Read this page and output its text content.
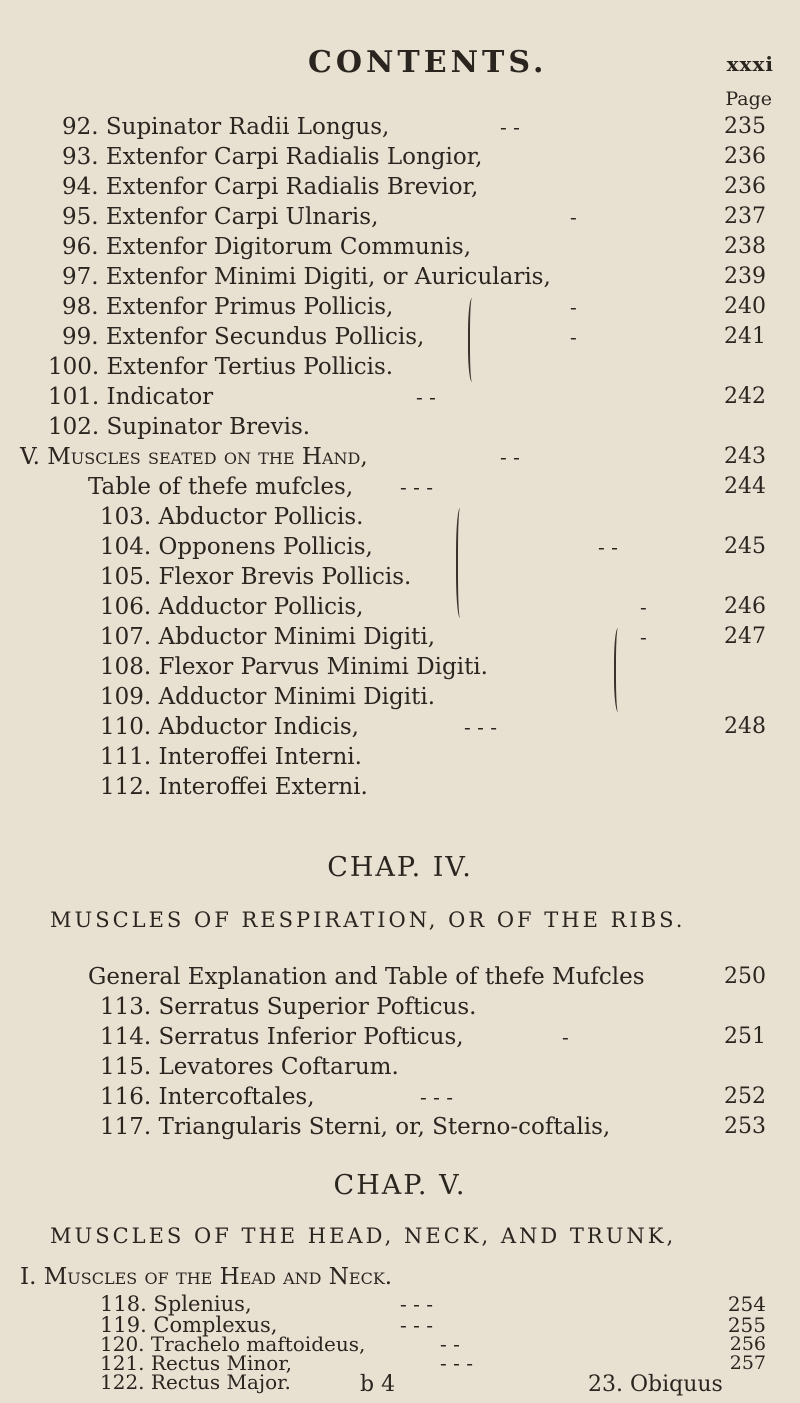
CONTENTS.	xxxi
Page
92. Supinator Radii Longus,	- -	235
93. Extenfor Carpi Radialis Longior,	236
94. Extenfor Carpi Radialis Brevior,	236
95. Extenfor Carpi Ulnaris,	-	237
96. Extenfor Digitorum Communis,	238
97. Extenfor Minimi Digiti, or Auricularis,	239
98. Extenfor Primus Pollicis,	-	240
99. Extenfor Secundus Pollicis,	-	241
100. Extenfor Tertius Pollicis.
101. Indicator	- -	242
102. Supinator Brevis.
V. Muscles seated on the Hand,	- -	243
Table of thefe mufcles, - - -	244
103. Abductor Pollicis.
104. Opponens Pollicis,	- -	245
105. Flexor Brevis Pollicis.
106. Adductor Pollicis,	-	246
107. Abductor Minimi Digiti,	-	247
108. Flexor Parvus Minimi Digiti.
109. Adductor Minimi Digiti.
110. Abductor Indicis,	- - -	248
111. Interoffei Interni.
112. Interoffei Externi.
CHAP. IV.
MUSCLES OF RESPIRATION, OR OF THE RIBS.
General Explanation and Table of thefe Mufcles	250
113. Serratus Superior Pofticus.
114. Serratus Inferior Pofticus,	-	251
115. Levatores Coftarum.
116. Intercoftales,	- - -	252
117. Triangularis Sterni, or, Sterno-coftalis,	253
CHAP. V.
MUSCLES OF THE HEAD, NECK, AND TRUNK,
I. Muscles of the Head and Neck.
118. Splenius,	- - -	254
119. Complexus,	- - -	255
b 4	23. Obiquus
120. Trachelo maftoideus,	- -	256
121. Rectus Minor,	- - -	257
122. Rectus Major.
